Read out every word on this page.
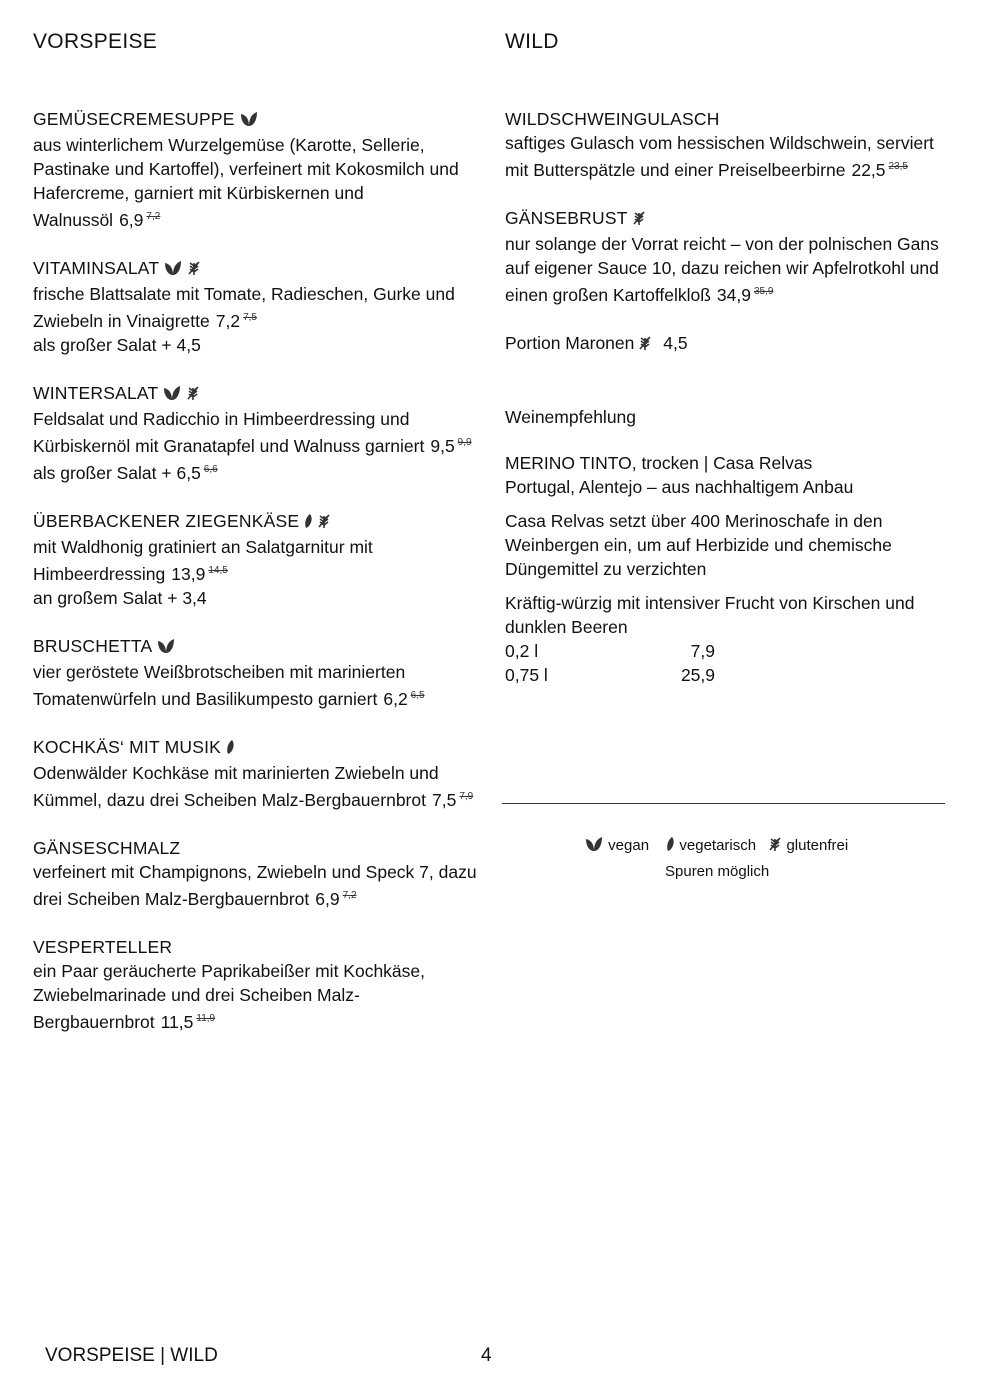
VORSPEISE
GEMÜSECREMESUPPE
aus winterlichem Wurzelgemüse (Karotte, Sellerie, Pastinake und Kartoffel), verfeinert mit Kokosmilch und Hafercreme, garniert mit Kürbiskernen und Walnussöl 6,9 $^{7,2}$
VITAMINSALAT
frische Blattsalate mit Tomate, Radieschen, Gurke und Zwiebeln in Vinaigrette 7,2 $^{7,5}$
als großer Salat + 4,5
WINTERSALAT
Feldsalat und Radicchio in Himbeerdressing und Kürbiskernöl mit Granatapfel und Walnuss garniert 9,5 $^{9,9}$
als großer Salat + 6,5 $^{6,6}$
ÜBERBACKENER ZIEGENKÄSE
mit Waldhonig gratiniert an Salatgarnitur mit Himbeerdressing 13,9 $^{14,5}$
an großem Salat + 3,4
BRUSCHETTA
vier geröstete Weißbrotscheiben mit marinierten Tomatenwürfeln und Basilikumpesto garniert 6,2 $^{6,5}$
KOCHKÄS‘ MIT MUSIK
Odenwälder Kochkäse mit marinierten Zwiebeln und Kümmel, dazu drei Scheiben Malz-Bergbauernbrot 7,5 $^{7,9}$
GÄNSESCHMALZ
verfeinert mit Champignons, Zwiebeln und Speck 7, dazu drei Scheiben Malz-Bergbauernbrot 6,9 $^{7,2}$
VESPERTELLER
ein Paar geräucherte Paprikabeißer mit Kochkäse, Zwiebelmarinade und drei Scheiben Malz-Bergbauernbrot 11,5 $^{11,9}$
WILD
WILDSCHWEINGULASCH
saftiges Gulasch vom hessischen Wildschwein, serviert mit Butterspätzle und einer Preiselbeerbirne 22,5 $^{23,5}$
GÄNSEBRUST
nur solange der Vorrat reicht – von der polnischen Gans auf eigener Sauce 10, dazu reichen wir Apfelrotkohl und einen großen Kartoffelkloß 34,9 $^{35,9}$
Portion Maronen 4,5

Weinempfehlung

MERINO TINTO, trocken | Casa Relvas
Portugal, Alentejo – aus nachhaltigem Anbau

Casa Relvas setzt über 400 Merinoschafe in den Weinbergen ein, um auf Herbizide und chemische Düngemittel zu verzichten

Kräftig-würzig mit intensiver Frucht von Kirschen und dunklen Beeren

0,2 l	7,9
0,75 l	25,9
vegan vegetarisch glutenfrei
Spuren möglich
VORSPEISE | WILD	4
